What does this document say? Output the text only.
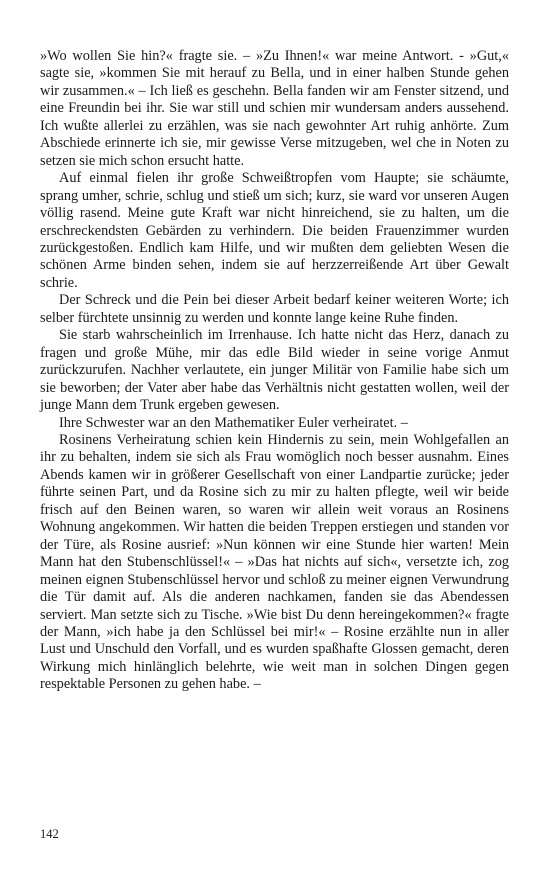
»Wo wollen Sie hin?« fragte sie. – »Zu Ihnen!« war meine Antwort. - »Gut,« sagte sie, »kommen Sie mit herauf zu Bella, und in einer halben Stunde gehen wir zusammen.« – Ich ließ es geschehn. Bella fanden wir am Fenster sitzend, und eine Freundin bei ihr. Sie war still und schien mir wundersam anders aussehend. Ich wußte allerlei zu erzählen, was sie nach gewohnter Art ruhig anhörte. Zum Abschiede erinnerte ich sie, mir gewisse Verse mitzugeben, wel che in Noten zu setzen sie mich schon ersucht hatte.

Auf einmal fielen ihr große Schweißtropfen vom Haupte; sie schäumte, sprang umher, schrie, schlug und stieß um sich; kurz, sie ward vor unseren Augen völlig rasend. Meine gute Kraft war nicht hinreichend, sie zu halten, um die erschreckendsten Gebärden zu verhindern. Die beiden Frauenzimmer wurden zurückgestoßen. Endlich kam Hilfe, und wir mußten dem geliebten Wesen die schönen Arme binden sehen, indem sie auf herzzerreißende Art über Gewalt schrie.

Der Schreck und die Pein bei dieser Arbeit bedarf keiner weiteren Worte; ich selber fürchtete unsinnig zu werden und konnte lange keine Ruhe finden.

Sie starb wahrscheinlich im Irrenhause. Ich hatte nicht das Herz, danach zu fragen und große Mühe, mir das edle Bild wieder in seine vorige Anmut zurückzurufen. Nachher verlautete, ein junger Militär von Familie habe sich um sie beworben; der Vater aber habe das Verhältnis nicht gestatten wollen, weil der junge Mann dem Trunk ergeben gewesen.

Ihre Schwester war an den Mathematiker Euler verheiratet. –

Rosinens Verheiratung schien kein Hindernis zu sein, mein Wohlgefallen an ihr zu behalten, indem sie sich als Frau womöglich noch besser ausnahm. Eines Abends kamen wir in größerer Gesellschaft von einer Landpartie zurücke; jeder führte seinen Part, und da Rosine sich zu mir zu halten pflegte, weil wir beide frisch auf den Beinen waren, so waren wir allein weit voraus an Rosinens Wohnung angekommen. Wir hatten die beiden Treppen erstiegen und standen vor der Türe, als Rosine ausrief: »Nun können wir eine Stunde hier warten! Mein Mann hat den Stubenschlüssel!« – »Das hat nichts auf sich«, versetzte ich, zog meinen eignen Stubenschlüssel hervor und schloß zu meiner eignen Verwundrung die Tür damit auf. Als die anderen nachkamen, fanden sie das Abendessen serviert. Man setzte sich zu Tische. »Wie bist Du denn hereingekommen?« fragte der Mann, »ich habe ja den Schlüssel bei mir!« – Rosine erzählte nun in aller Lust und Unschuld den Vorfall, und es wurden spaßhafte Glossen gemacht, deren Wirkung mich hinlänglich belehrte, wie weit man in solchen Dingen gegen respektable Personen zu gehen habe. –

142
